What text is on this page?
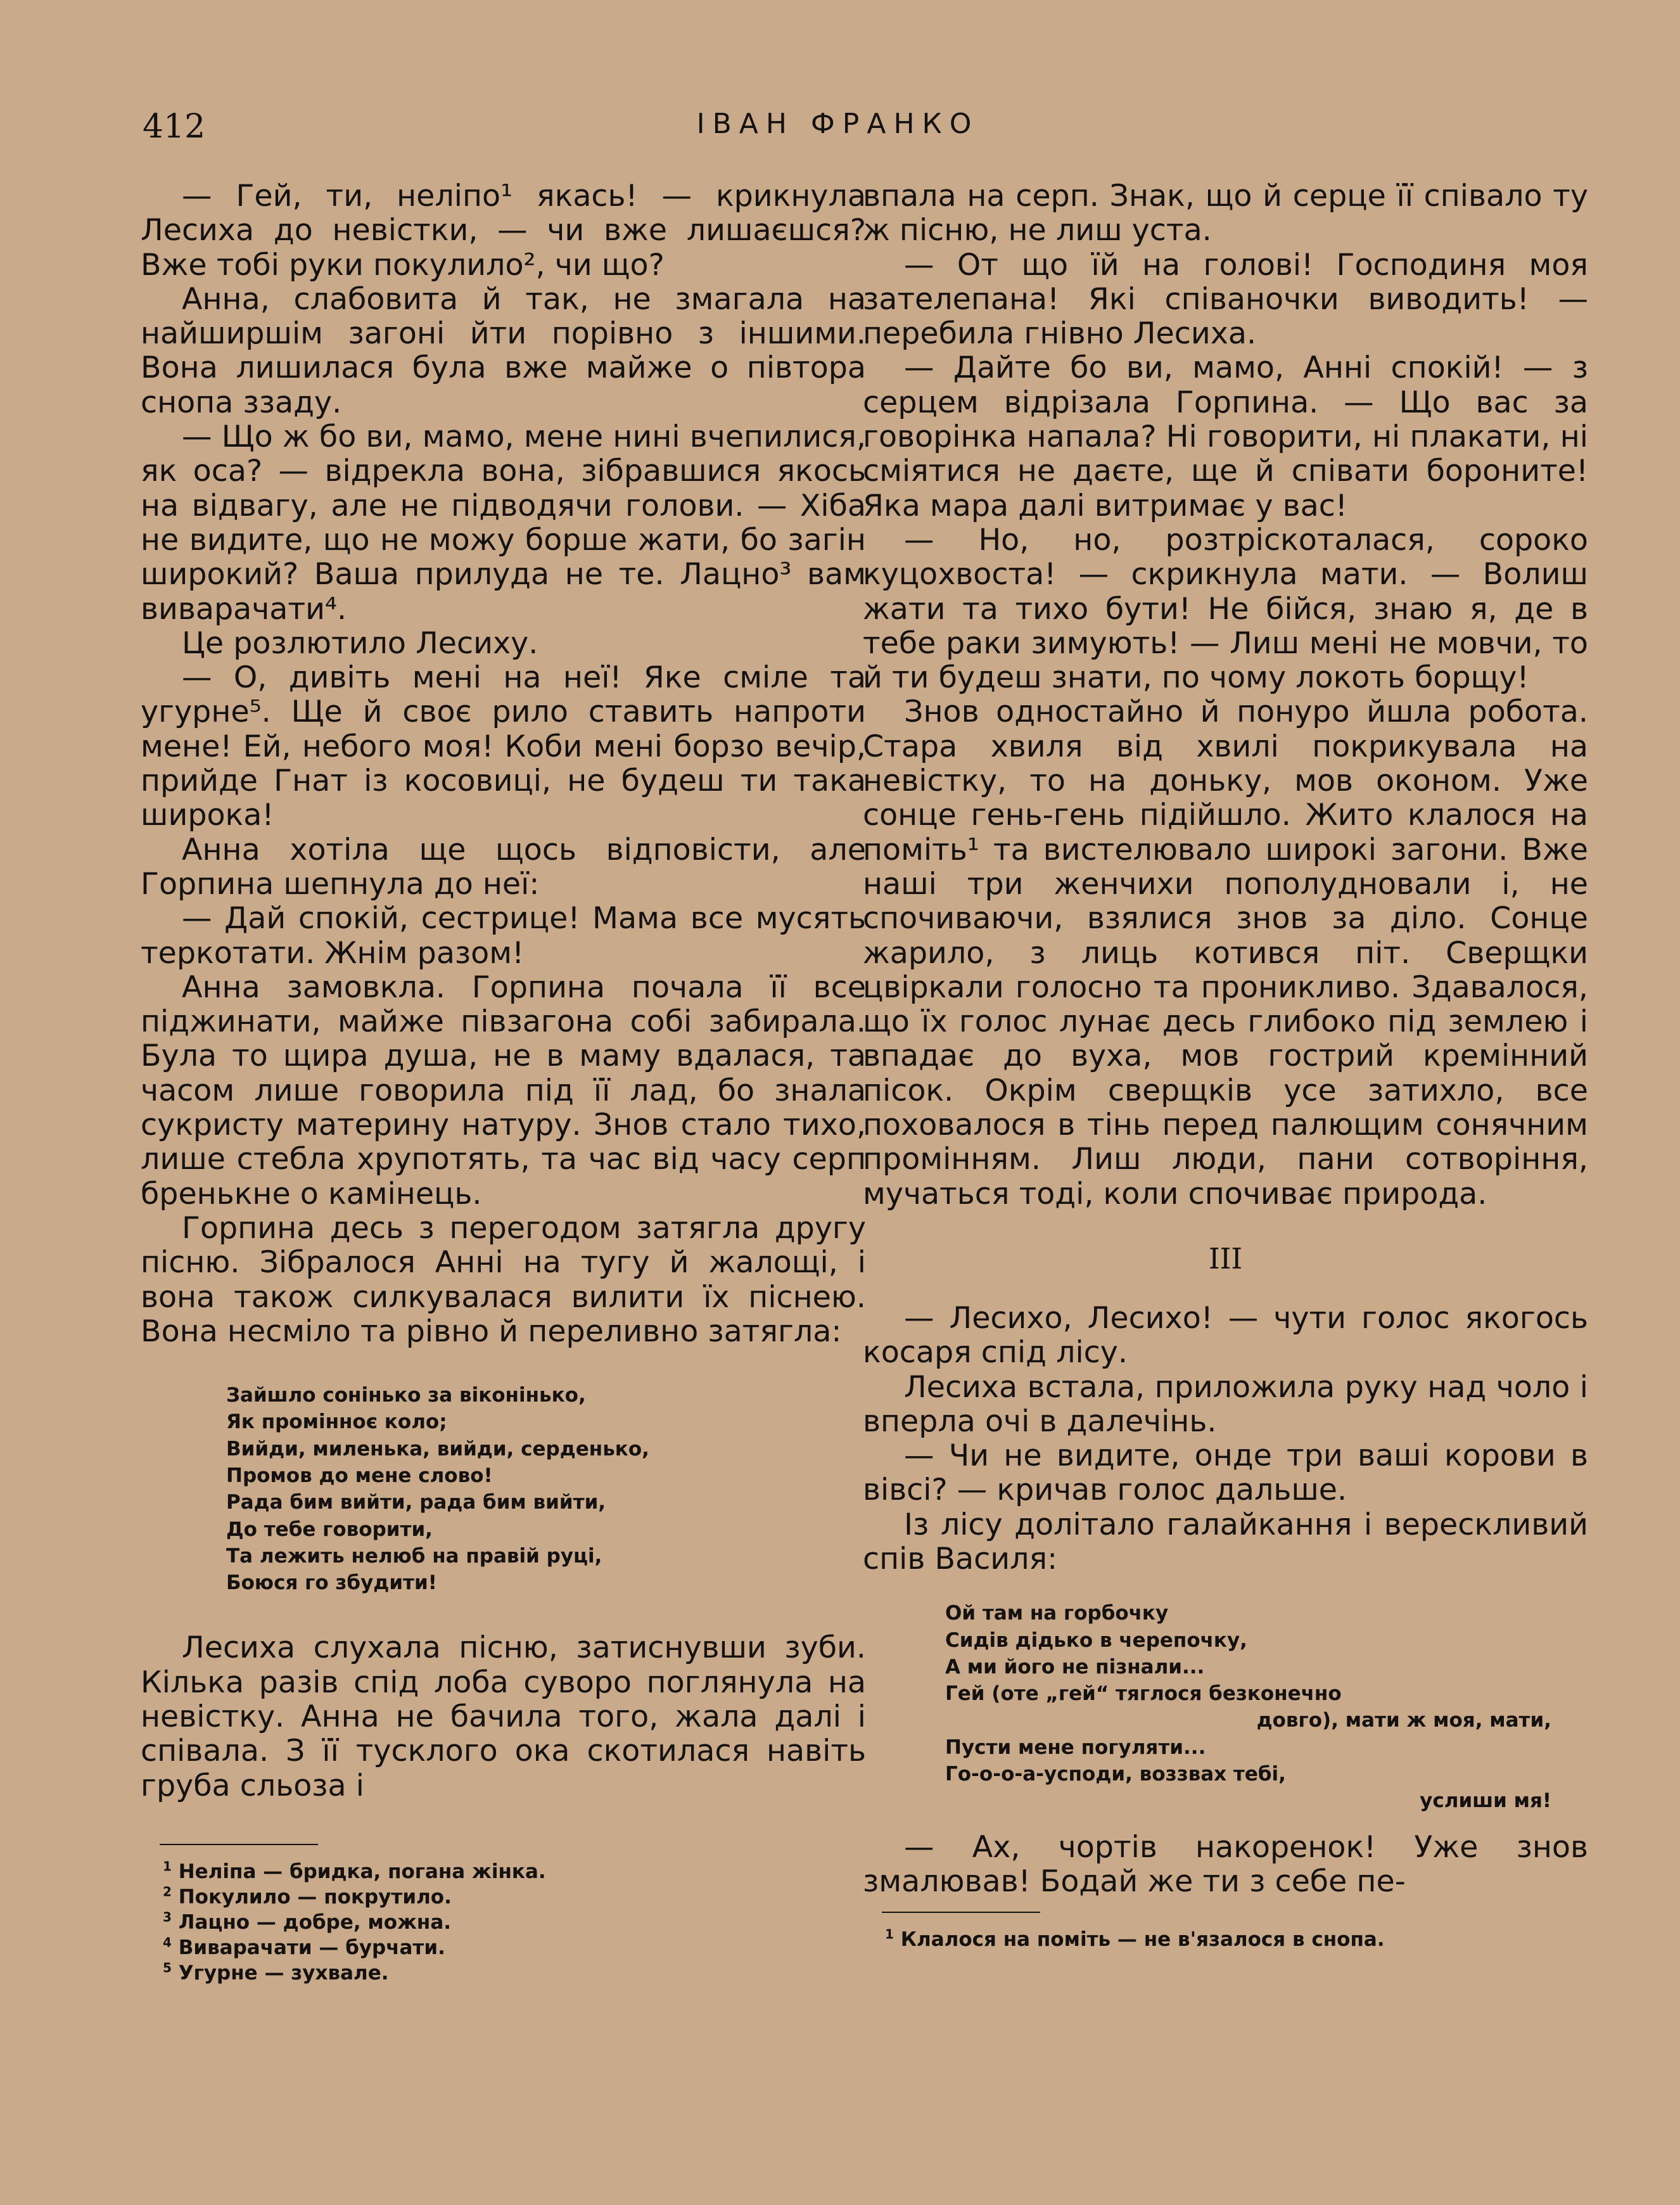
412	ІВАН ФРАНКО

— Гей, ти, неліпо¹ якась! — крикнула Лесиха до невістки, — чи вже лишаєшся? Вже тобі руки покулило², чи що?

Анна, слабовита й так, не змагала на найширшім загоні йти порівно з іншими. Вона лишилася була вже майже о півтора снопа ззаду.

— Що ж бо ви, мамо, мене нині вчепилися, як оса? — відрекла вона, зібравшися якось на відвагу, але не підводячи голови. — Хіба не видите, що не можу борше жати, бо загін широкий? Ваша прилуда не те. Лацно³ вам виварачати⁴.

Це розлютило Лесиху.

— О, дивіть мені на неї! Яке сміле та угурне⁵. Ще й своє рило ставить напроти мене! Ей, небого моя! Коби мені борзо вечір, прийде Гнат із косовиці, не будеш ти така широка!

Анна хотіла ще щось відповісти, але Горпина шепнула до неї:

— Дай спокій, сестрице! Мама все мусять теркотати. Жнім разом!

Анна замовкла. Горпина почала її все піджинати, майже півзагона собі забирала. Була то щира душа, не в маму вдалася, та часом лише говорила під її лад, бо знала сукристу материну натуру. Знов стало тихо, лише стебла хрупотять, та час від часу серп бренькне о камінець.

Горпина десь з перегодом затягла другу пісню. Зібралося Анні на тугу й жалощі, і вона також силкувалася вилити їх піснею. Вона несміло та рівно й переливно затягла:

Зайшло сонінько за віконінько,
Як промінноє коло;
Вийди, миленька, вийди, серденько,
Промов до мене слово!
Рада бим вийти, рада бим вийти,
До тебе говорити,
Та лежить нелюб на правій руці,
Боюся го збудити!

Лесиха слухала пісню, затиснувши зуби. Кілька разів спід лоба суворо поглянула на невістку. Анна не бачила того, жала далі і співала. З її тусклого ока скотилася навіть груба сльоза і

$^1$ Неліпа — бридка, погана жінка.
$^2$ Покулило — покрутило.
$^3$ Лацно — добре, можна.
$^4$ Виварачати — бурчати.
$^5$ Угурне — зухвале.

впала на серп. Знак, що й серце її співало ту ж пісню, не лиш уста.

— От що їй на голові! Господиня моя зателепана! Які співаночки виводить! — перебила гнівно Лесиха.

— Дайте бо ви, мамо, Анні спокій! — з серцем відрізала Горпина. — Що вас за говорінка напала? Ні говорити, ні плакати, ні сміятися не даєте, ще й співати бороните! Яка мара далі витримає у вас!

— Но, но, розтріскоталася, сороко куцохвоста! — скрикнула мати. — Волиш жати та тихо бути! Не бійся, знаю я, де в тебе раки зимують! — Лиш мені не мовчи, то й ти будеш знати, по чому локоть борщу!

Знов одностайно й понуро йшла робота. Стара хвиля від хвилі покрикувала на невістку, то на доньку, мов оконом. Уже сонце гень-гень підійшло. Жито клалося на поміть¹ та вистелювало широкі загони. Вже наші три женчихи пополудновали і, не спочиваючи, взялися знов за діло. Сонце жарило, з лиць котився піт. Сверщки цвіркали голосно та проникливо. Здавалося, що їх голос лунає десь глибоко під землею і впадає до вуха, мов гострий кремінний пісок. Окрім сверщків усе затихло, все поховалося в тінь перед палющим сонячним промінням. Лиш люди, пани сотворіння, мучаться тоді, коли спочиває природа.

III

— Лесихо, Лесихо! — чути голос якогось косаря спід лісу.

Лесиха встала, приложила руку над чоло і вперла очі в далечінь.

— Чи не видите, онде три ваші корови в вівсі? — кричав голос дальше.

Із лісу долітало галайкання і верескливий спів Василя:

Ой там на горбочку
Сидів дідько в черепочку,
А ми його не пізнали...
Гей (оте „гей“ тяглося безконечно
довго), мати ж моя, мати,
Пусти мене погуляти...
Го-о-о-а-усподи, воззвах тебі,
услиши мя!

— Ах, чортів накоренок! Уже знов змалював! Бодай же ти з себе пе-

$^1$ Клалося на поміть — не в'язалося в снопа.
